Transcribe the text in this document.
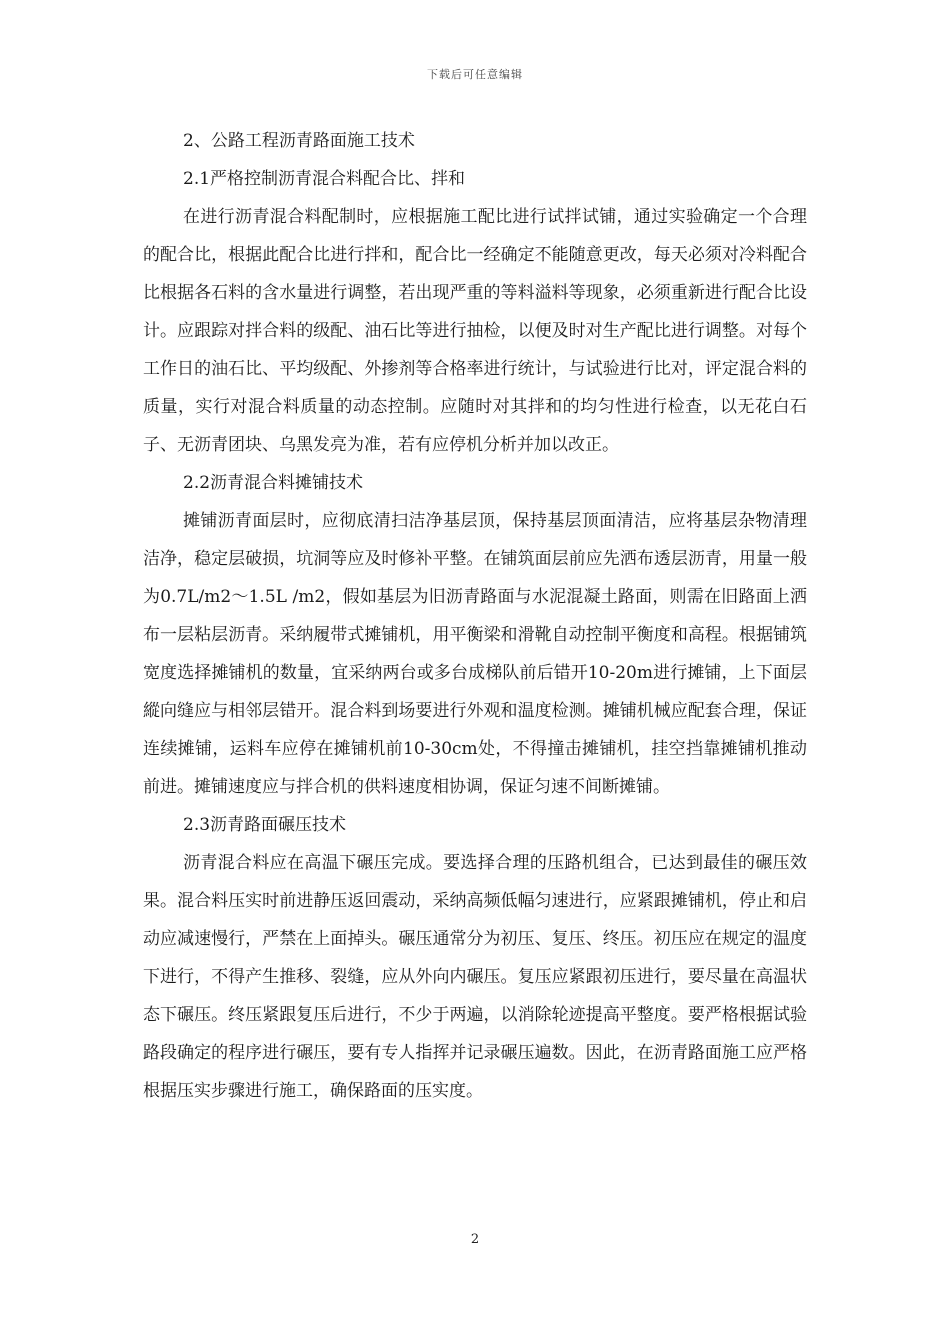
下载后可任意编辑

2、公路工程沥青路面施工技术

2.1严格控制沥青混合料配合比、拌和

在进行沥青混合料配制时，应根据施工配比进行试拌试铺，通过实验确定一个合理的配合比，根据此配合比进行拌和，配合比一经确定不能随意更改，每天必须对冷料配合比根据各石料的含水量进行调整，若出现严重的等料溢料等现象，必须重新进行配合比设计。应跟踪对拌合料的级配、油石比等进行抽检，以便及时对生产配比进行调整。对每个工作日的油石比、平均级配、外掺剂等合格率进行统计，与试验进行比对，评定混合料的质量，实行对混合料质量的动态控制。应随时对其拌和的均匀性进行检查，以无花白石子、无沥青团块、乌黑发亮为准，若有应停机分析并加以改正。

2.2沥青混合料摊铺技术

摊铺沥青面层时，应彻底清扫洁净基层顶，保持基层顶面清洁，应将基层杂物清理洁净，稳定层破损，坑洞等应及时修补平整。在铺筑面层前应先洒布透层沥青，用量一般为0.7L/m2～1.5L /m2，假如基层为旧沥青路面与水泥混凝土路面，则需在旧路面上洒布一层粘层沥青。采纳履带式摊铺机，用平衡梁和滑靴自动控制平衡度和高程。根据铺筑宽度选择摊铺机的数量，宜采纳两台或多台成梯队前后错开10-20m进行摊铺，上下面层縱向缝应与相邻层错开。混合料到场要进行外观和温度检测。摊铺机械应配套合理，保证连续摊铺，运料车应停在摊铺机前10-30cm处，不得撞击摊铺机，挂空挡靠摊铺机推动前进。摊铺速度应与拌合机的供料速度相协调，保证匀速不间断摊铺。

2.3沥青路面碾压技术

沥青混合料应在高温下碾压完成。要选择合理的压路机组合，已达到最佳的碾压效果。混合料压实时前进静压返回震动，采纳高频低幅匀速进行，应紧跟摊铺机，停止和启动应减速慢行，严禁在上面掉头。碾压通常分为初压、复压、终压。初压应在规定的温度下进行，不得产生推移、裂缝，应从外向内碾压。复压应紧跟初压进行，要尽量在高温状态下碾压。终压紧跟复压后进行，不少于两遍，以消除轮迹提高平整度。要严格根据试验路段确定的程序进行碾压，要有专人指挥并记录碾压遍数。因此，在沥青路面施工应严格根据压实步骤进行施工，确保路面的压实度。

2
